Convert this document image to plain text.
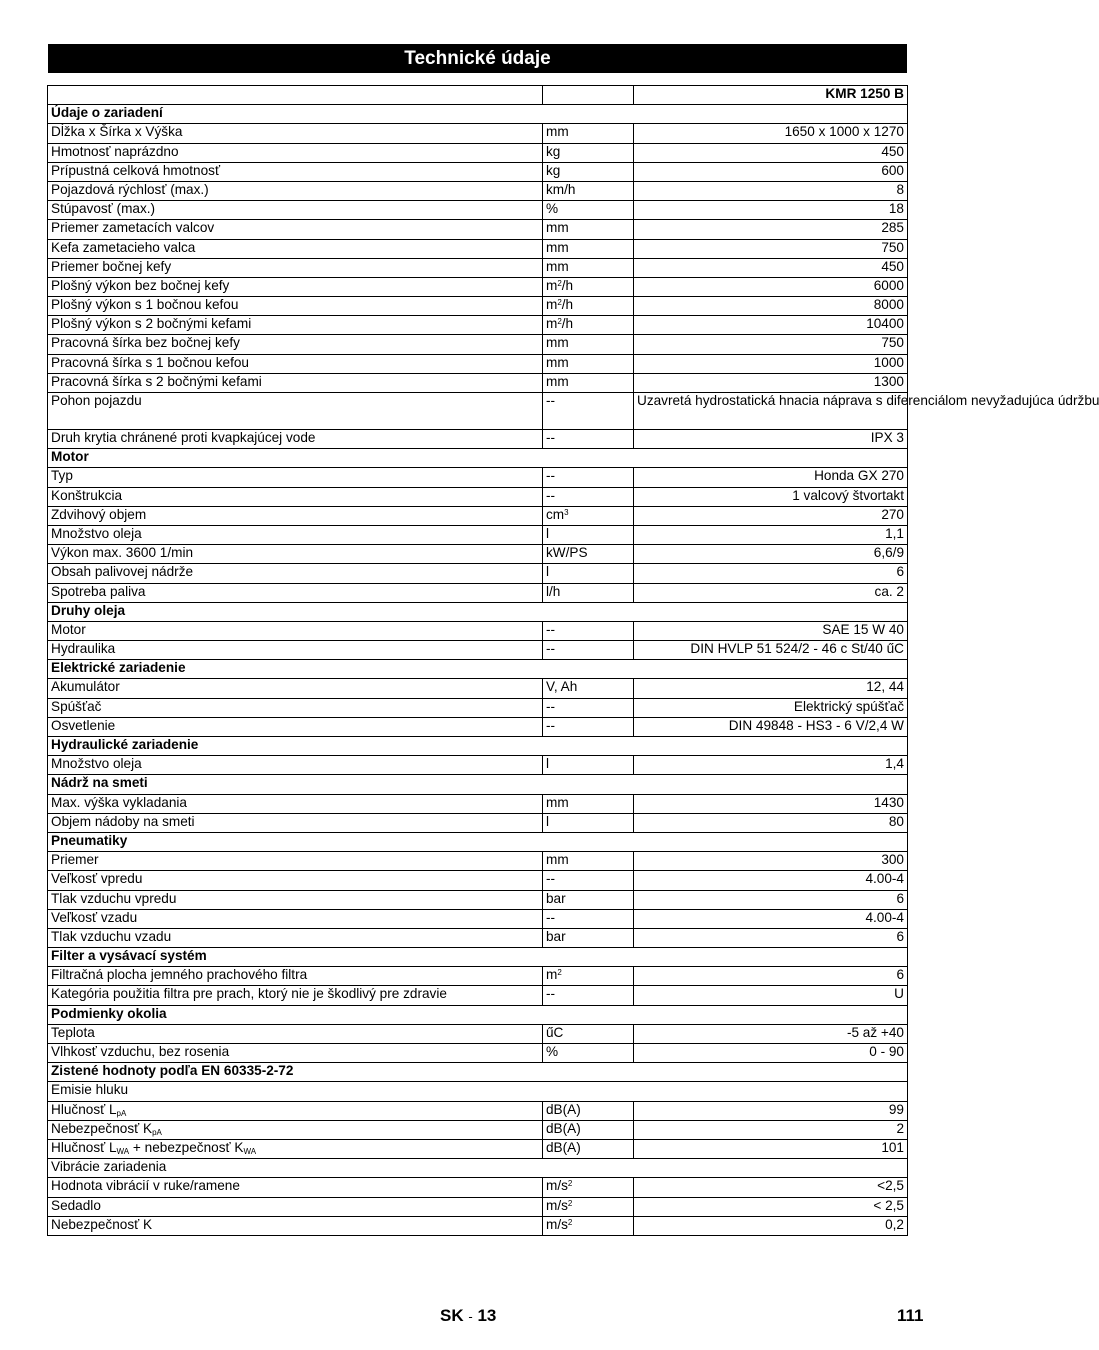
Technické údaje
		KMR 1250 B
Údaje o zariadení		
Dĺžka x Šírka x Výška	mm	1650 x 1000 x 1270
Hmotnosť naprázdno	kg	450
Prípustná celková hmotnosť	kg	600
Pojazdová rýchlosť (max.)	km/h	8
Stúpavosť (max.)	%	18
Priemer zametacích valcov	mm	285
Kefa zametacieho valca	mm	750
Priemer bočnej kefy	mm	450
Plošný výkon bez bočnej kefy	$m^2/h$	6000
Plošný výkon s 1 bočnou kefou	$m^2/h$	8000
Plošný výkon s 2 bočnými kefami	$m^2/h$	10400
Pracovná šírka bez bočnej kefy	mm	750
Pracovná šírka s 1 bočnou kefou	mm	1000
Pracovná šírka s 2 bočnými kefami	mm	1300
Pohon pojazdu	--	Uzavretá hydrostatická hnacia náprava s diferenciálom nevyžadujúca údržbu
Druh krytia chránené proti kvapkajúcej vode	--	IPX 3
Motor		
Typ	--	Honda GX 270
Konštrukcia	--	1 valcový štvortakt
Zdvihový objem	$cm^3$	270
Množstvo oleja	l	1,1
Výkon max. 3600 1/min	kW/PS	6,6/9
Obsah palivovej nádrže	l	6
Spotreba paliva	l/h	ca. 2
Druhy oleja		
Motor	--	SAE 15 W 40
Hydraulika	--	DIN HVLP 51 524/2 - 46 c St/40 űC
Elektrické zariadenie		
Akumulátor	V, Ah	12, 44
Spúšťač	--	Elektrický spúšťač
Osvetlenie	--	DIN 49848 - HS3 - 6 V/2,4 W
Hydraulické zariadenie		
Množstvo oleja	l	1,4
Nádrž na smeti		
Max. výška vykladania	mm	1430
Objem nádoby na smeti	l	80
Pneumatiky		
Priemer	mm	300
Veľkosť vpredu	--	4.00-4
Tlak vzduchu vpredu	bar	6
Veľkosť vzadu	--	4.00-4
Tlak vzduchu vzadu	bar	6
Filter a vysávací systém		
Filtračná plocha jemného prachového filtra	$m^2$	6
Kategória použitia filtra pre prach, ktorý nie je škodlivý pre zdravie	--	U
Podmienky okolia		
Teplota	űC	-5 až +40
Vlhkosť vzduchu, bez rosenia	%	0 - 90
Zistené hodnoty podľa EN 60335-2-72		
Emisie hluku		
Hlučnosť $L_{pA}$	dB(A)	99
Nebezpečnosť $K_{pA}$	dB(A)	2
Hlučnosť $L_{WA}$ + nebezpečnosť $K_{WA}$	dB(A)	101
Vibrácie zariadenia		
Hodnota vibrácií v ruke/ramene	$m/s^2$	<2,5
Sedadlo	$m/s^2$	< 2,5
Nebezpečnosť K	$m/s^2$	0,2
SK - 13	111
